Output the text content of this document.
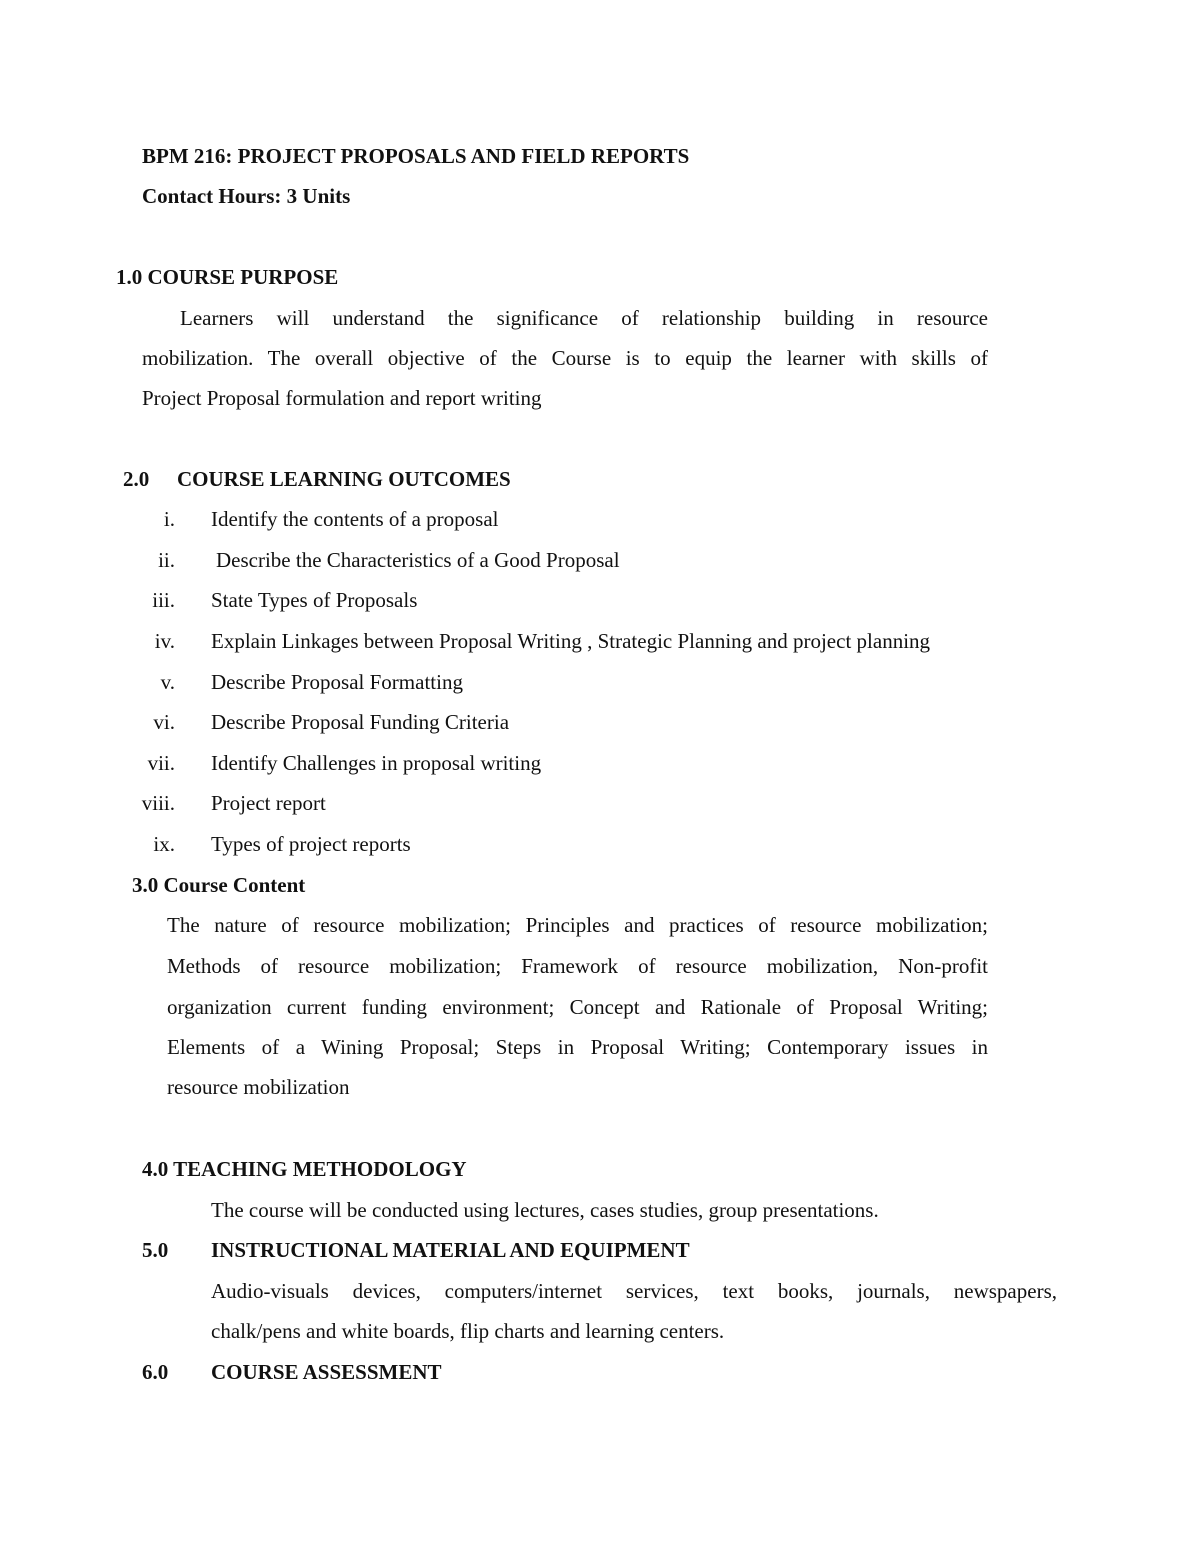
BPM 216: PROJECT PROPOSALS AND FIELD REPORTS
Contact Hours: 3 Units
1.0 COURSE PURPOSE
Learners will understand the significance of relationship building in resource
mobilization. The overall objective of the Course is to equip the learner with skills of
Project Proposal formulation and report writing
2.0 COURSE LEARNING OUTCOMES
i. Identify the contents of a proposal
ii. Describe the Characteristics of a Good Proposal
iii. State Types of Proposals
iv. Explain Linkages between Proposal Writing , Strategic Planning and project planning
v. Describe Proposal Formatting
vi. Describe Proposal Funding Criteria
vii. Identify Challenges in proposal writing
viii. Project report
ix. Types of project reports
3.0 Course Content
The nature of resource mobilization; Principles and practices of resource mobilization;
Methods of resource mobilization; Framework of resource mobilization, Non-profit
organization current funding environment; Concept and Rationale of Proposal Writing;
Elements of a Wining Proposal; Steps in Proposal Writing; Contemporary issues in
resource mobilization
4.0 TEACHING METHODOLOGY
The course will be conducted using lectures, cases studies, group presentations.
5.0 INSTRUCTIONAL MATERIAL AND EQUIPMENT
Audio-visuals devices, computers/internet services, text books, journals, newspapers,
chalk/pens and white boards, flip charts and learning centers.
6.0 COURSE ASSESSMENT
